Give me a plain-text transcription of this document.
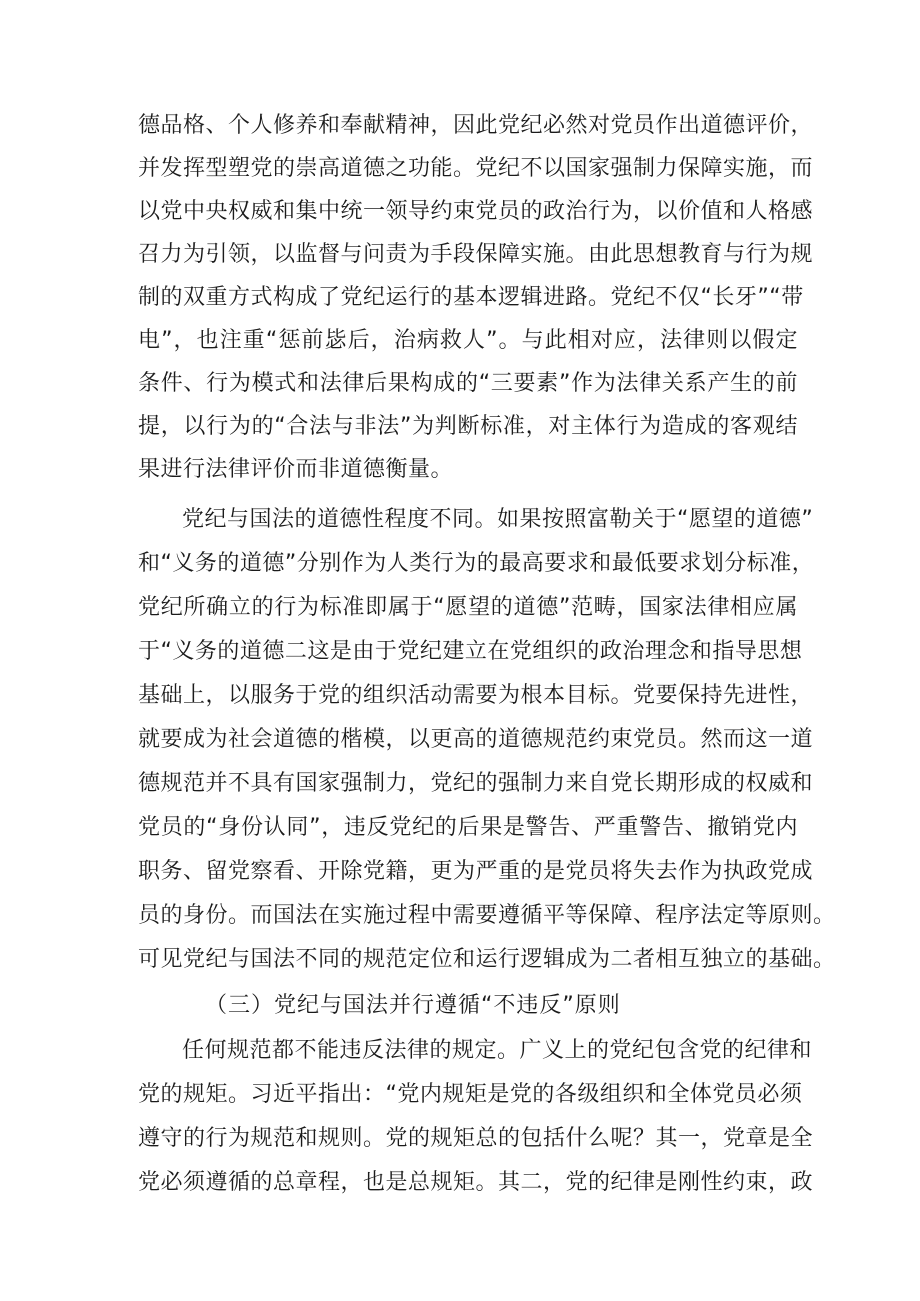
德品格、个人修养和奉献精神，因此党纪必然对党员作出道德评价，
并发挥型塑党的崇高道德之功能。党纪不以国家强制力保障实施，而
以党中央权威和集中统一领导约束党员的政治行为，以价值和人格感
召力为引领，以监督与问责为手段保障实施。由此思想教育与行为规
制的双重方式构成了党纪运行的基本逻辑进路。党纪不仅“长牙”“带
电”，也注重“惩前毖后，治病救人”。与此相对应，法律则以假定
条件、行为模式和法律后果构成的“三要素”作为法律关系产生的前
提，以行为的“合法与非法”为判断标准，对主体行为造成的客观结
果进行法律评价而非道德衡量。
党纪与国法的道德性程度不同。如果按照富勒关于“愿望的道德”
和“义务的道德”分别作为人类行为的最高要求和最低要求划分标准，
党纪所确立的行为标准即属于“愿望的道德”范畴，国家法律相应属
于“义务的道德二这是由于党纪建立在党组织的政治理念和指导思想
基础上，以服务于党的组织活动需要为根本目标。党要保持先进性，
就要成为社会道德的楷模，以更高的道德规范约束党员。然而这一道
德规范并不具有国家强制力，党纪的强制力来自党长期形成的权威和
党员的“身份认同”，违反党纪的后果是警告、严重警告、撤销党内
职务、留党察看、开除党籍，更为严重的是党员将失去作为执政党成
员的身份。而国法在实施过程中需要遵循平等保障、程序法定等原则。
可见党纪与国法不同的规范定位和运行逻辑成为二者相互独立的基础。
（三）党纪与国法并行遵循“不违反”原则
任何规范都不能违反法律的规定。广义上的党纪包含党的纪律和
党的规矩。习近平指出：“党内规矩是党的各级组织和全体党员必须
遵守的行为规范和规则。党的规矩总的包括什么呢？其一，党章是全
党必须遵循的总章程，也是总规矩。其二，党的纪律是刚性约束，政
